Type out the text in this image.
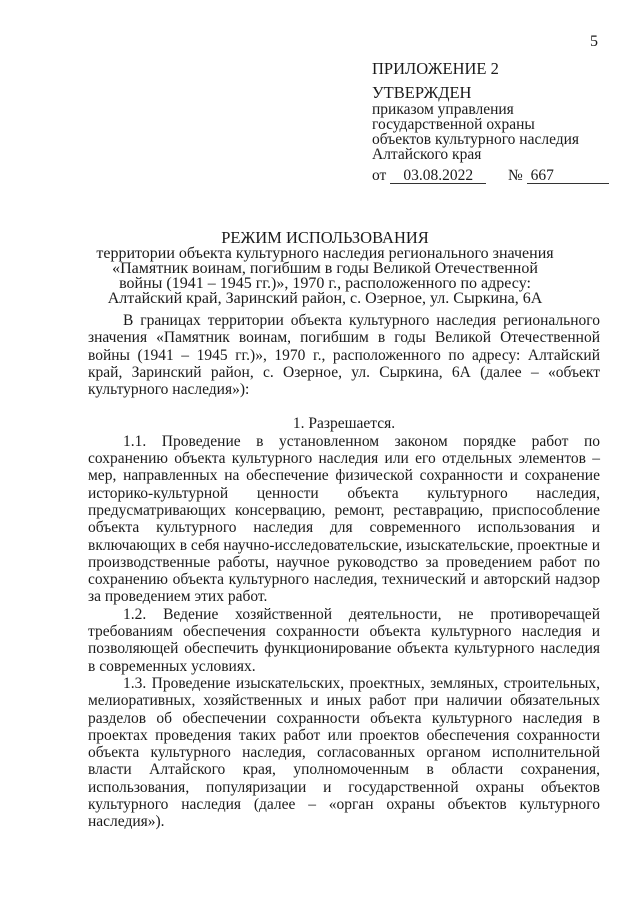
5
ПРИЛОЖЕНИЕ 2
УТВЕРЖДЕН
приказом управления
государственной охраны
объектов культурного наследия
Алтайского края
от 03.08.2022 № 667
РЕЖИМ ИСПОЛЬЗОВАНИЯ
территории объекта культурного наследия регионального значения
«Памятник воинам, погибшим в годы Великой Отечественной
войны (1941 – 1945 гг.)», 1970 г., расположенного по адресу:
Алтайский край, Заринский район, с. Озерное, ул. Сыркина, 6А

В границах территории объекта культурного наследия регионального значения «Памятник воинам, погибшим в годы Великой Отечественной войны (1941 – 1945 гг.)», 1970 г., расположенного по адресу: Алтайский край, Заринский район, с. Озерное, ул. Сыркина, 6А (далее – «объект культурного наследия»):

1. Разрешается.

1.1. Проведение в установленном законом порядке работ по сохранению объекта культурного наследия или его отдельных элементов – мер, направленных на обеспечение физической сохранности и сохранение историко-культурной ценности объекта культурного наследия, предусматривающих консервацию, ремонт, реставрацию, приспособление объекта культурного наследия для современного использования и включающих в себя научно-исследовательские, изыскательские, проектные и производственные работы, научное руководство за проведением работ по сохранению объекта культурного наследия, технический и авторский надзор за проведением этих работ.

1.2. Ведение хозяйственной деятельности, не противоречащей требованиям обеспечения сохранности объекта культурного наследия и позволяющей обеспечить функционирование объекта культурного наследия в современных условиях.

1.3. Проведение изыскательских, проектных, земляных, строительных, мелиоративных, хозяйственных и иных работ при наличии обязательных разделов об обеспечении сохранности объекта культурного наследия в проектах проведения таких работ или проектов обеспечения сохранности объекта культурного наследия, согласованных органом исполнительной власти Алтайского края, уполномоченным в области сохранения, использования, популяризации и государственной охраны объектов культурного наследия (далее – «орган охраны объектов культурного наследия»).
